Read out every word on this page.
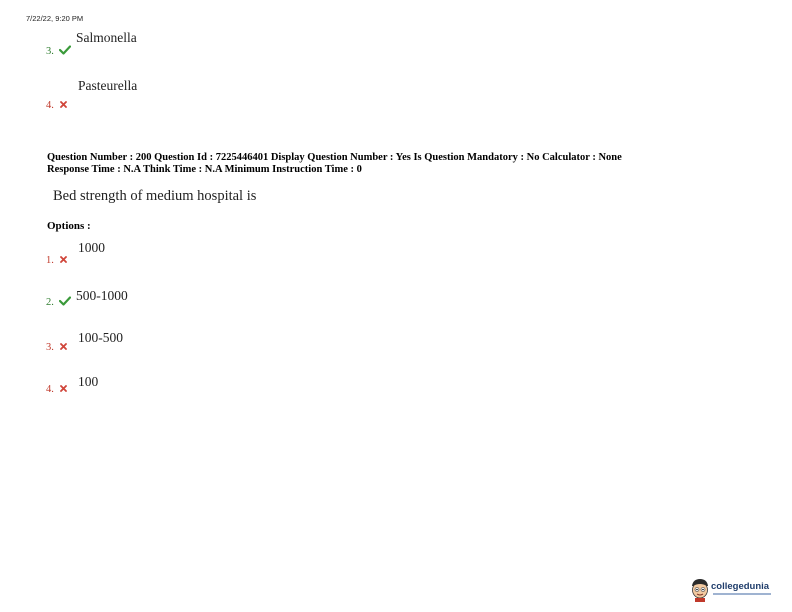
7/22/22, 9:20 PM
Salmonella
3.
Pasteurella
4.
Question Number : 200 Question Id : 7225446401 Display Question Number : Yes Is Question Mandatory : No Calculator : None
Response Time : N.A Think Time : N.A Minimum Instruction Time : 0
Bed strength of medium hospital is
Options :
1000
1.
500-1000
2.
100-500
3.
100
4.
collegedunia
